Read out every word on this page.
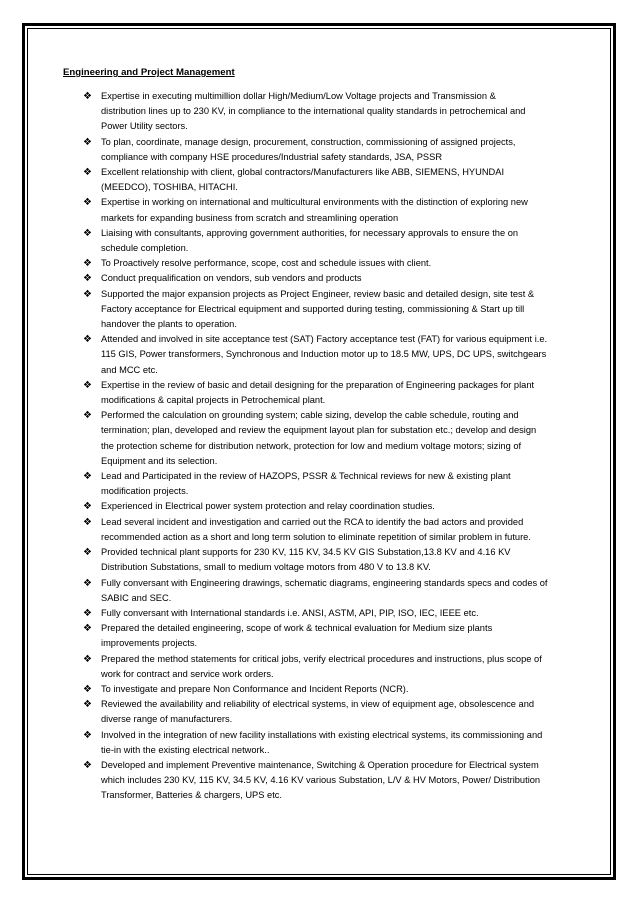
Engineering and Project Management
❖ Expertise in executing multimillion dollar High/Medium/Low Voltage projects and Transmission &
distribution lines up to 230 KV, in compliance to the international quality standards in petrochemical and
Power Utility sectors.
❖ To plan, coordinate, manage design, procurement, construction, commissioning of assigned projects,
compliance with company HSE procedures/Industrial safety standards, JSA, PSSR
❖ Excellent relationship with client, global contractors/Manufacturers like ABB, SIEMENS, HYUNDAI
(MEEDCO), TOSHIBA, HITACHI.
❖ Expertise in working on international and multicultural environments with the distinction of exploring new
markets for expanding business from scratch and streamlining operation
❖ Liaising with consultants, approving government authorities, for necessary approvals to ensure the on
schedule completion.
❖ To Proactively resolve performance, scope, cost and schedule issues with client.
❖ Conduct prequalification on vendors, sub vendors and products
❖ Supported the major expansion projects as Project Engineer, review basic and detailed design, site test &
Factory acceptance for Electrical equipment and supported during testing, commissioning & Start up till
handover the plants to operation.
❖ Attended and involved in site acceptance test (SAT) Factory acceptance test (FAT) for various equipment i.e.
115 GIS, Power transformers, Synchronous and Induction motor up to 18.5 MW, UPS, DC UPS, switchgears
and MCC etc.
❖ Expertise in the review of basic and detail designing for the preparation of Engineering packages for plant
modifications & capital projects in Petrochemical plant.
❖ Performed the calculation on grounding system; cable sizing, develop the cable schedule, routing and
termination; plan, developed and review the equipment layout plan for substation etc.; develop and design
the protection scheme for distribution network, protection for low and medium voltage motors; sizing of
Equipment and its selection.
❖ Lead and Participated in the review of HAZOPS, PSSR & Technical reviews for new & existing plant
modification projects.
❖ Experienced in Electrical power system protection and relay coordination studies.
❖ Lead several incident and investigation and carried out the RCA to identify the bad actors and provided
recommended action as a short and long term solution to eliminate repetition of similar problem in future.
❖ Provided technical plant supports for 230 KV, 115 KV, 34.5 KV GIS Substation,13.8 KV and 4.16 KV
Distribution Substations, small to medium voltage motors from 480 V to 13.8 KV.
❖ Fully conversant with Engineering drawings, schematic diagrams, engineering standards specs and codes of
SABIC and SEC.
❖ Fully conversant with International standards i.e. ANSI, ASTM, API, PIP, ISO, IEC, IEEE etc.
❖ Prepared the detailed engineering, scope of work & technical evaluation for Medium size plants
improvements projects.
❖ Prepared the method statements for critical jobs, verify electrical procedures and instructions, plus scope of
work for contract and service work orders.
❖ To investigate and prepare Non Conformance and Incident Reports (NCR).
❖ Reviewed the availability and reliability of electrical systems, in view of equipment age, obsolescence and
diverse range of manufacturers.
❖ Involved in the integration of new facility installations with existing electrical systems, its commissioning and
tie-in with the existing electrical network..
❖ Developed and implement Preventive maintenance, Switching & Operation procedure for Electrical system
which includes 230 KV, 115 KV, 34.5 KV, 4.16 KV various Substation, L/V & HV Motors, Power/ Distribution
Transformer, Batteries & chargers, UPS etc.
